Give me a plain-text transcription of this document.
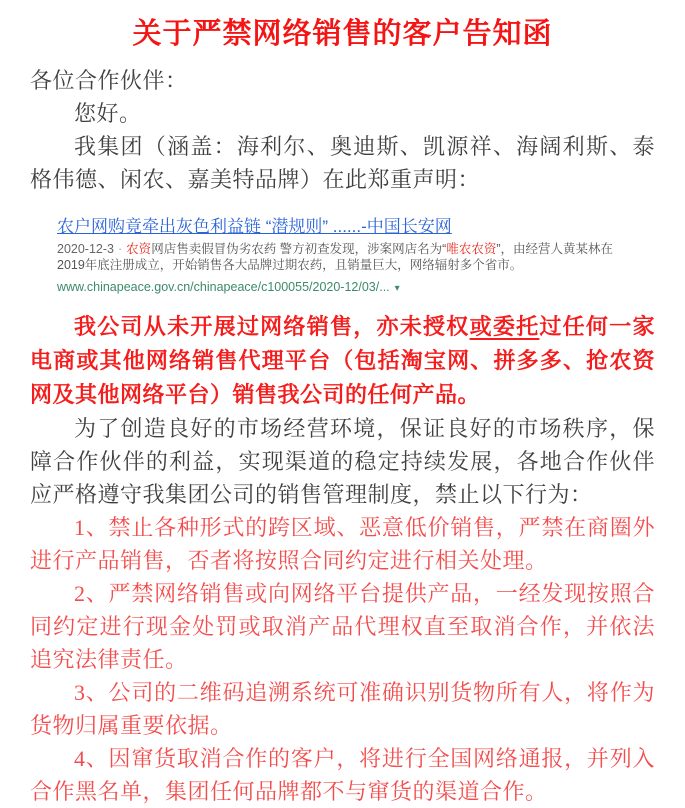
关于严禁网络销售的客户告知函

各位合作伙伴：

您好。

我集团（涵盖：海利尔、奥迪斯、凯源祥、海阔利斯、泰格伟德、闲农、嘉美特品牌）在此郑重声明：

农户网购竟牵出灰色利益链 “潜规则” ......-中国长安网

2020-12-3 · 农资网店售卖假冒伪劣农药 警方初查发现，涉案网店名为“唯农农资”，由经营人黄某林在2019年底注册成立，开始销售各大品牌过期农药，且销量巨大，网络辐射多个省市。

www.chinapeace.gov.cn/chinapeace/c100055/2020-12/03/... ▾

我公司从未开展过网络销售，亦未授权或委托过任何一家电商或其他网络销售代理平台（包括淘宝网、拼多多、抢农资网及其他网络平台）销售我公司的任何产品。

为了创造良好的市场经营环境，保证良好的市场秩序，保障合作伙伴的利益，实现渠道的稳定持续发展，各地合作伙伴应严格遵守我集团公司的销售管理制度，禁止以下行为：

1、禁止各种形式的跨区域、恶意低价销售，严禁在商圈外进行产品销售，否者将按照合同约定进行相关处理。

2、严禁网络销售或向网络平台提供产品，一经发现按照合同约定进行现金处罚或取消产品代理权直至取消合作，并依法追究法律责任。

3、公司的二维码追溯系统可准确识别货物所有人，将作为货物归属重要依据。

4、因窜货取消合作的客户，将进行全国网络通报，并列入合作黑名单，集团任何品牌都不与窜货的渠道合作。
